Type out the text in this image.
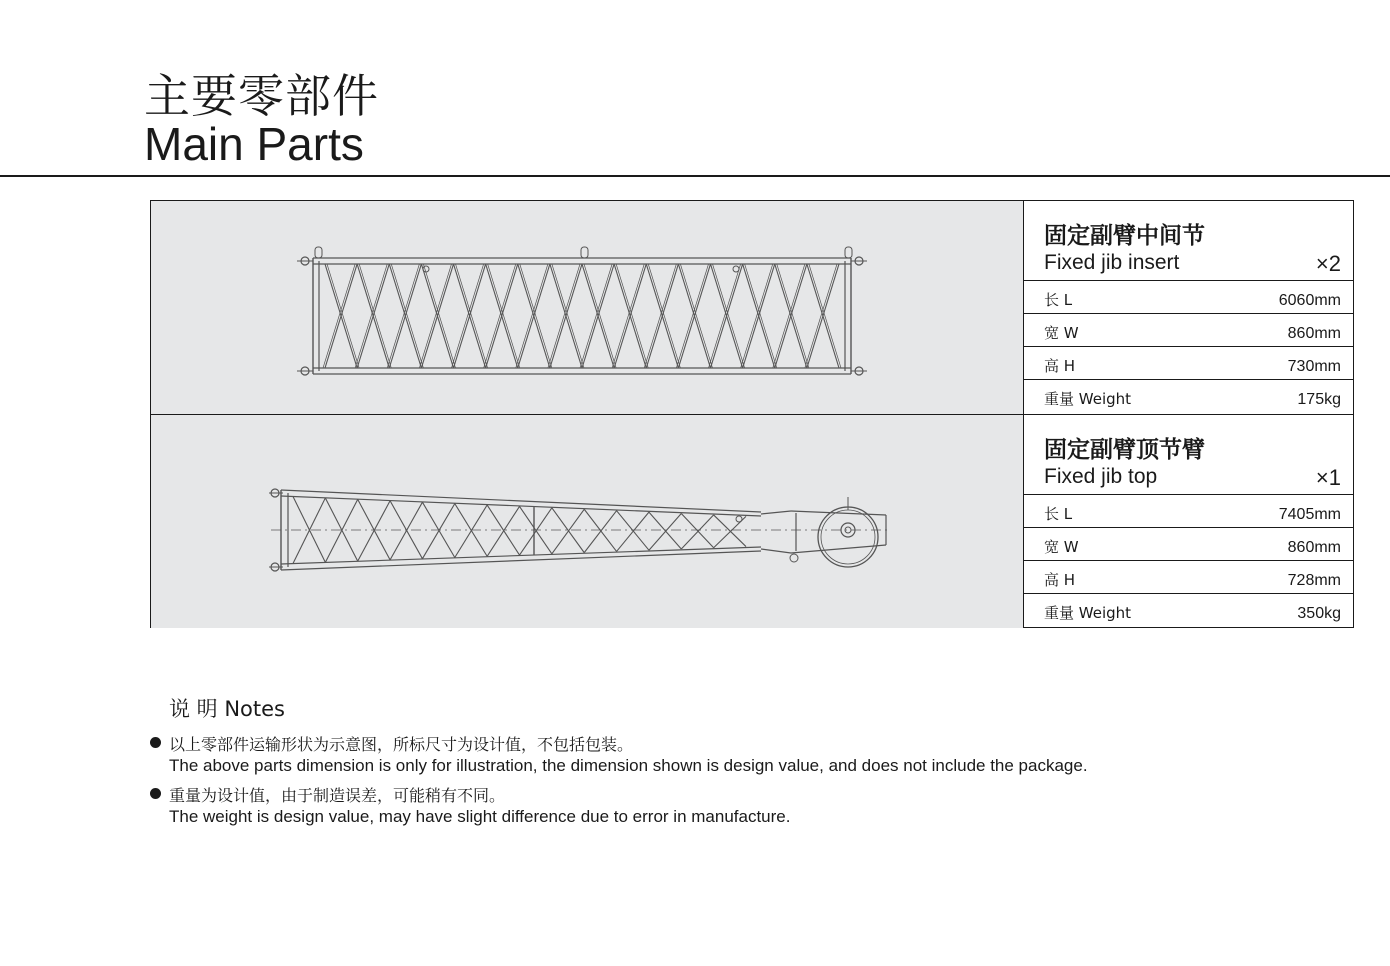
主要零部件
Main Parts
固定副臂中间节
Fixed jib insert	×2
长 L	6060mm
宽 W	860mm
高 H	730mm
重量 Weight	175kg
固定副臂顶节臂
Fixed jib top	×1
长 L	7405mm
宽 W	860mm
高 H	728mm
重量 Weight	350kg
说 明 Notes
以上零部件运输形状为示意图，所标尺寸为设计值，不包括包装。
The above parts dimension is only for illustration, the dimension shown is design value, and does not include the package.
重量为设计值，由于制造误差，可能稍有不同。
The weight is design value, may have slight difference due to error in manufacture.
